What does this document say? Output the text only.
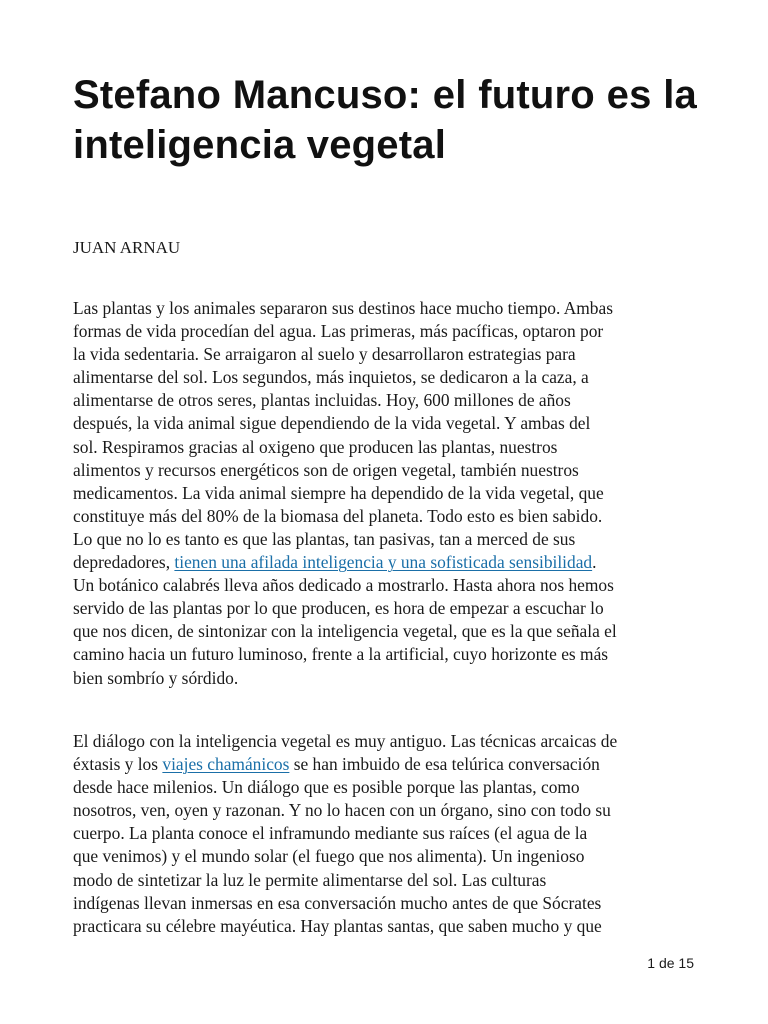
Stefano Mancuso: el futuro es la inteligencia vegetal

JUAN ARNAU

Las plantas y los animales separaron sus destinos hace mucho tiempo. Ambas
formas de vida procedían del agua. Las primeras, más pacíficas, optaron por
la vida sedentaria. Se arraigaron al suelo y desarrollaron estrategias para
alimentarse del sol. Los segundos, más inquietos, se dedicaron a la caza, a
alimentarse de otros seres, plantas incluidas. Hoy, 600 millones de años
después, la vida animal sigue dependiendo de la vida vegetal. Y ambas del
sol. Respiramos gracias al oxigeno que producen las plantas, nuestros
alimentos y recursos energéticos son de origen vegetal, también nuestros
medicamentos. La vida animal siempre ha dependido de la vida vegetal, que
constituye más del 80% de la biomasa del planeta. Todo esto es bien sabido.
Lo que no lo es tanto es que las plantas, tan pasivas, tan a merced de sus
depredadores, tienen una afilada inteligencia y una sofisticada sensibilidad.
Un botánico calabrés lleva años dedicado a mostrarlo. Hasta ahora nos hemos
servido de las plantas por lo que producen, es hora de empezar a escuchar lo
que nos dicen, de sintonizar con la inteligencia vegetal, que es la que señala el
camino hacia un futuro luminoso, frente a la artificial, cuyo horizonte es más
bien sombrío y sórdido.

El diálogo con la inteligencia vegetal es muy antiguo. Las técnicas arcaicas de
éxtasis y los viajes chamánicos se han imbuido de esa telúrica conversación
desde hace milenios. Un diálogo que es posible porque las plantas, como
nosotros, ven, oyen y razonan. Y no lo hacen con un órgano, sino con todo su
cuerpo. La planta conoce el inframundo mediante sus raíces (el agua de la
que venimos) y el mundo solar (el fuego que nos alimenta). Un ingenioso
modo de sintetizar la luz le permite alimentarse del sol. Las culturas
indígenas llevan inmersas en esa conversación mucho antes de que Sócrates
practicara su célebre mayéutica. Hay plantas santas, que saben mucho y que

1 de 15
